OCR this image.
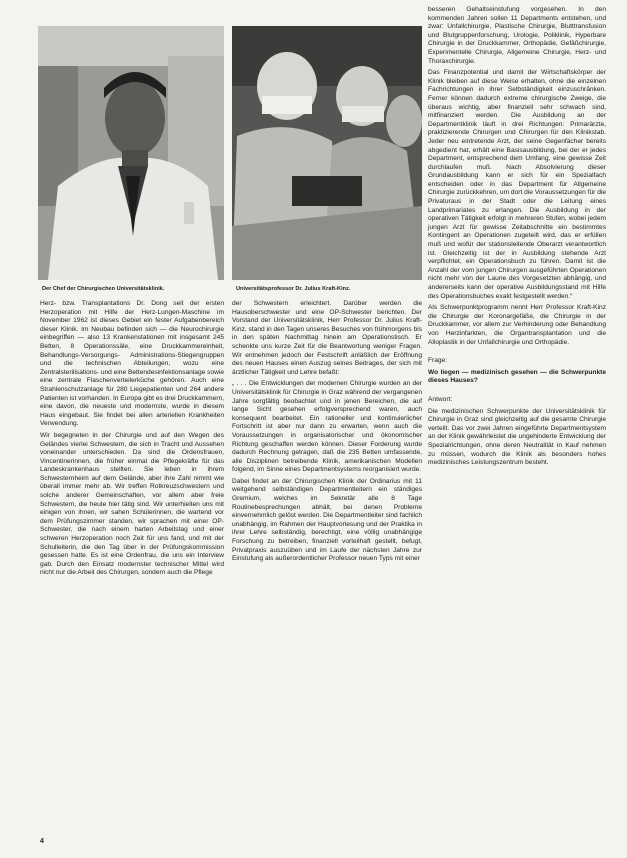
Der Chef der Chirurgischen Universitätsklinik.	Universitätsprofessor Dr. Julius Kraft-Kinz.

Herz- bzw. Transplantations Dr. Dong seit der ersten Herzoperation mit Hilfe der Herz-Lungen-Maschine im November 1962 ist dieses Gebiet ein fester Aufgabenbereich dieser Klinik. Im Neubau befinden sich — die Neurochirurgie einbegriffen — also 13 Krankenstationen mit insgesamt 245 Betten, 8 Operationssäle, eine Druckkammereinheit, Behandlungs-Versorgungs- Administrations-Stiegengruppen und die technischen Abteilungen, wozu eine Zentralsterilisations- und eine Bettendesinfektionsanlage sowie eine zentrale Flaschenverteilerküche gehören. Auch eine Strahlenschutzanlage für 280 Liegepatienten und 264 andere Patienten ist vorhanden. In Europa gibt es drei Druckkammern, eine davon, die neueste und modernste, wurde in diesem Haus eingebaut. Sie findet bei allen arteriellen Krankheiten Verwendung.

Wir begegneten in der Chirurgie und auf den Wegen des Geländes vierlei Schwestern, die sich in Tracht und Aussehen voneinander unterschieden. Da sind die Ordensfrauen, Vincentinerinnen, die früher einmal die Pflegekräfte für das Landeskrankenhaus stellten. Sie leben in ihrem Schwesternheim auf dem Gelände, aber ihre Zahl nimmt wie überall immer mehr ab. Wir treffen Rotkreuzschwestern und solche anderer Gemeinschaften, vor allem aber freie Schwestern, die heute hier tätig sind. Wir unterhielten uns mit einigen von ihnen, wir sahen Schülerinnen, die wartend vor dem Prüfungszimmer standen, wir sprachen mit einer OP-Schwester, die nach einem harten Arbeitstag und einer schweren Herzoperation noch Zeit für uns fand, und mit der Schulleiterin, die den Tag über in der Prüfungskommission gesessen hatte. Es ist eine Ordenfrau, die uns ein Interview gab. Durch den Einsatz modernster technischer Mittel wird nicht nur die Arbeit des Chirurgen, sondern auch die Pflege

der Schwestern erleichtert. Darüber werden die Hausoberschwester und eine OP-Schwester berichten. Der Vorstand der Universitätsklinik, Herr Professor Dr. Julius Kraft-Kinz, stand in den Tagen unseres Besuches von frühmorgens bis in den späten Nachmittag hinein am Operationstisch. Er schenkte uns kurze Zeit für die Beantwortung weniger Fragen. Wir entnehmen jedoch der Festschrift anläßlich der Eröffnung des neuen Hauses einen Auszug seines Beitrages, der sich mit ärztlicher Tätigkeit und Lehre befaßt:

„ . . . Die Entwicklungen der modernen Chirurgie wurden an der Universitätsklinik für Chirurgie in Graz während der vergangenen Jahre sorgfältig beobachtet und in jenen Bereichen, die auf lange Sicht gesehen erfolgversprechend waren, auch konsequent bearbeitet. Ein rationeller und kontinuierlicher Fortschritt ist aber nur dann zu erwarten, wenn auch die Voraussetzungen in organisatorischer und ökonomischer Richtung geschaffen werden können. Dieser Forderung wurde dadurch Rechnung getragen, daß die 235 Betten umfassende, alle Disziplinen betreibende Klinik, amerikanischen Modellen folgend, im Sinne eines Departmentsystems reorganisiert wurde.

Dabei findet an der Chirurgischen Klinik der Ordinarius mit 11 weitgehend selbständigen Departmentleitern ein ständiges Gremium, welches im Sekretär alle 8 Tage Routinebesprechungen abhält, bei denen Probleme einvernehmlich gelöst werden. Die Departmentleiter sind fachlich unabhängig, im Rahmen der Hauptvorlesung und der Praktika in ihrer Lehre selbständig, berechtigt, eine völlig unabhängige Forschung zu betreiben, finanziell vorteilhaft gestellt, befugt, Privatpraxis auszuüben und im Laufe der nächsten Jahre zur Einstufung als außerordentlicher Professor neuen Typs mit einer

besseren Gehaltseinstufung vorgesehen. In den kommenden Jahren sollen 11 Departments entstehen, und zwar: Unfallchirurgie, Plastische Chirurgie, Blutttransfusion und Blutgruppenforschung, Urologie, Poliklinik, Hyperbare Chirurgie in der Druckkammer, Orthopädie, Gefäßchirurgie, Experimentelle Chirurgie, Allgemeine Chirurgie, Herz- und Thoraxchirurgie.

Das Finanzpotential und damit der Wirtschaftskörper der Klinik bleiben auf diese Weise erhalten, ohne die einzelnen Fachrichtungen in ihrer Selbständigkeit einzuschränken. Ferner können dadurch extreme chirurgische Zweige, die überaus wichtig, aber finanziell sehr schwach sind, mitfinanziert werden. Die Ausbildung an der Departmentklinik läuft in drei Richtungen: Primarärzte, praktizierende Chirurgen und Chirurgen für den Klinikstab. Jeder neu eintretende Arzt, der seine Gegenfächer bereits abgedient hat, erhält eine Basisausbildung, bei der er jedes Department, entsprechend dem Umfang, eine gewisse Zeit durchlaufen muß. Nach Absolvierung dieser Grundausbildung kann er sich für ein Spezialfach entscheiden oder in das Department für Allgemeine Chirurgie zurückkehren, um dort die Voraussetzungen für die Privaturaus in der Stadt oder die Leitung eines Landprimariates zu erlangen. Die Ausbildung in der operativen Tätigkeit erfolgt in mehreren Stufen, wobei jedem jungen Arzt für gewisse Zeitabschnitte ein bestimmtes Kontingent an Operationen zugeteilt wird, das er erfüllen muß und wofür der stationsleitende Oberarzt verantwortlich ist. Gleichzeitig ist der in Ausbildung stehende Arzt verpflichtet, ein Operationsbuch zu führen. Damit ist die Anzahl der vom jungen Chirurgen ausgeführten Operationen nicht mehr von der Laune des Vorgesetzten abhängig, und andererseits kann der operative Ausbildungsstand mit Hilfe des Operationsbuches exakt festgestellt werden.“

Als Schwerpunktprogramm nennt Herr Professor Kraft-Kinz die Chirurgie der Koronargefäße, die Chirurgie in der Druckkammer, vor allem zur Verhinderung oder Behandlung von Herzinfarkten, die Organtransplantation und die Alloplastik in der Unfallchirurgie und Orthopädie.

Frage:

Wo liegen — medizinisch gesehen — die Schwerpunkte dieses Hauses?

Antwort:

Die medizinischen Schwerpunkte der Universitätsklinik für Chirurgie in Graz sind gleichzeitig auf die gesamte Chirurgie verteilt. Das vor zwei Jahren eingeführte Departmentsystem an der Klinik gewährleistet die ungehinderte Entwicklung der Spezialrichtungen, ohne deren Neutralität in Kauf nehmen zu müssen, wodurch die Klinik als besonders hohes medizinisches Leistungszentrum besteht.

4
